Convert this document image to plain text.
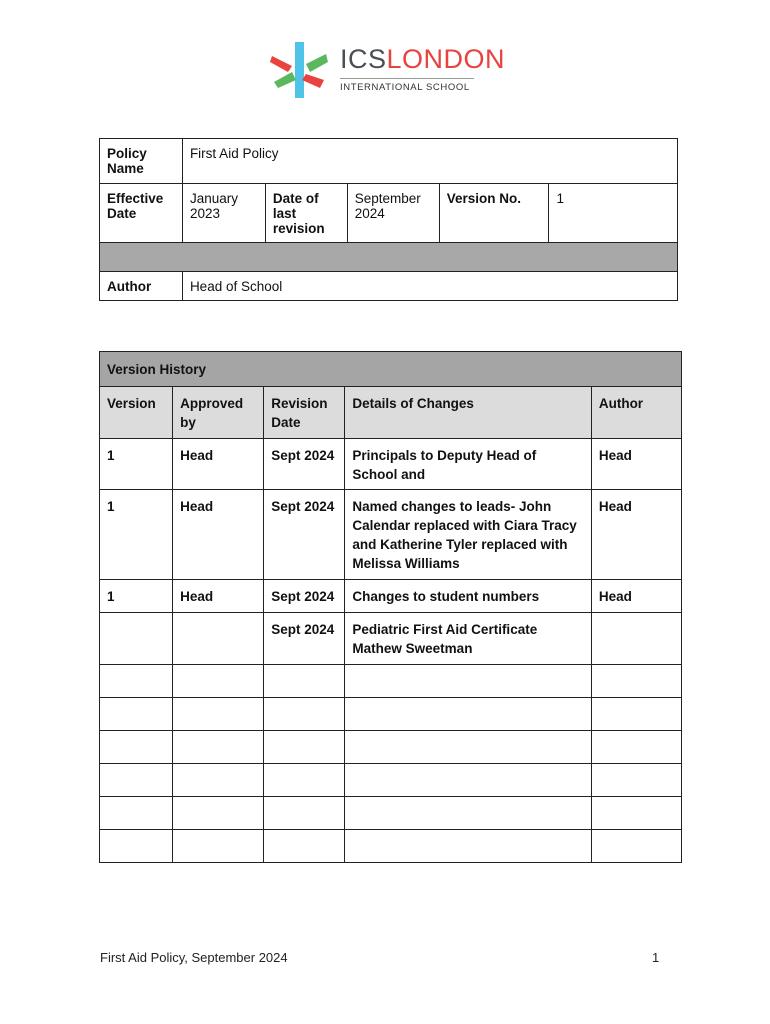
ICSLONDON
INTERNATIONAL SCHOOL
Policy Name	First Aid Policy				
Effective Date	January 2023	Date of last revision	September 2024	Version No.	1

Author	Head of School				
Version History				
Version	Approved by	Revision Date	Details of Changes	Author
1	Head	Sept 2024	Principals to Deputy Head of School and	Head
1	Head	Sept 2024	Named changes to leads- John Calendar replaced with Ciara Tracy and Katherine Tyler replaced with Melissa Williams	Head
1	Head	Sept 2024	Changes to student numbers	Head
		Sept 2024	Pediatric First Aid Certificate Mathew Sweetman	

First Aid Policy, September 2024	1
